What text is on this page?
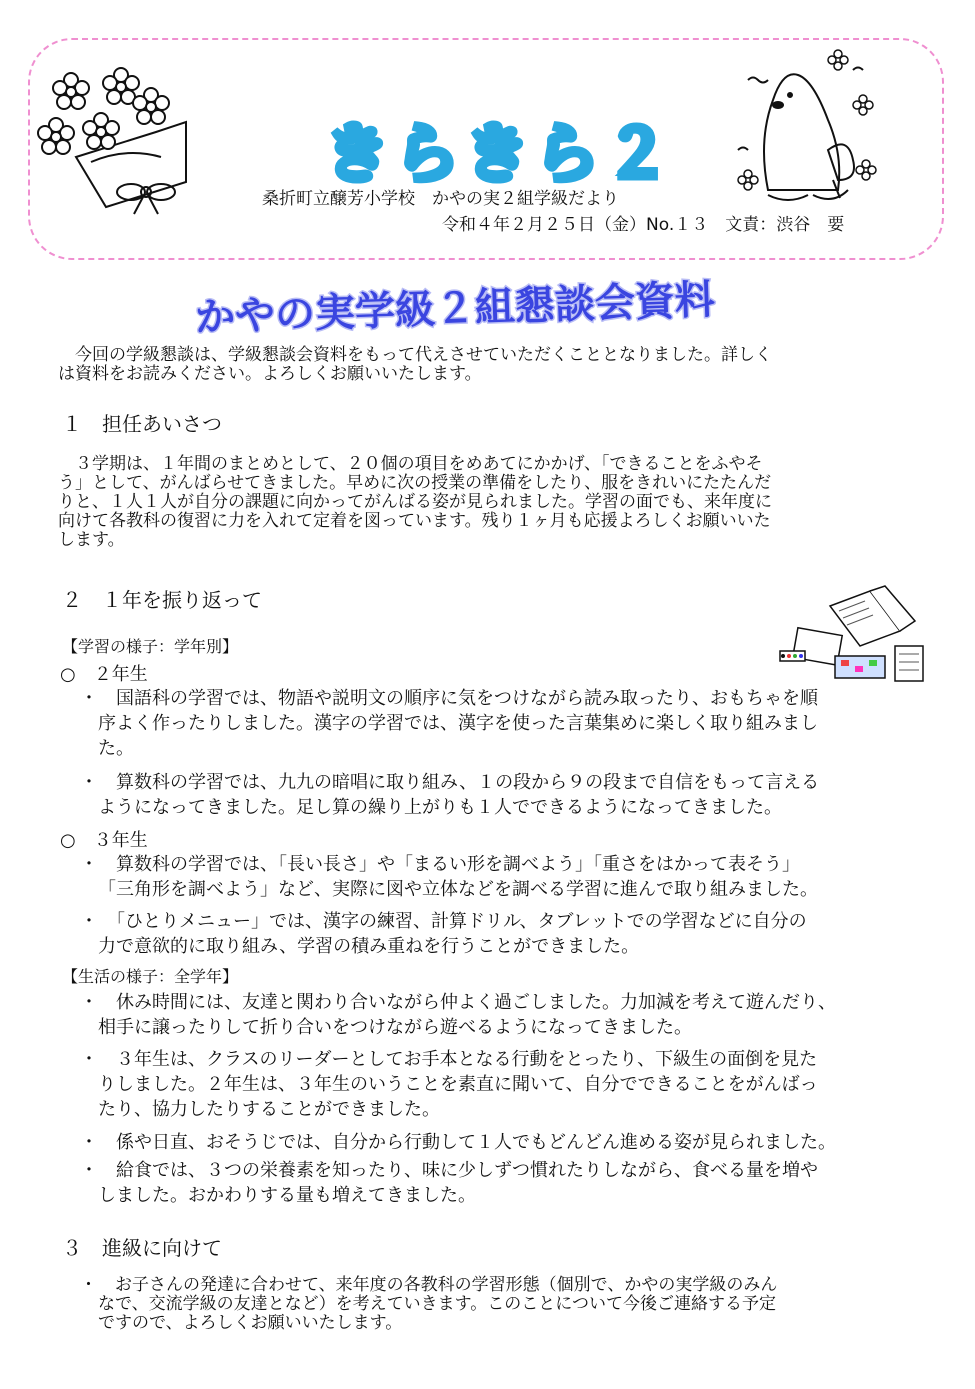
きらきら２
桑折町立醸芳小学校　かやの実２組学級だより
令和４年２月２５日（金）No.１３　文責：渋谷　要
かやの実学級２組懇談会資料
　今回の学級懇談は、学級懇談会資料をもって代えさせていただくこととなりました。詳しく
は資料をお読みください。よろしくお願いいたします。
１　担任あいさつ
　３学期は、１年間のまとめとして、２０個の項目をめあてにかかげ、「できることをふやそ
う」として、がんばらせてきました。早めに次の授業の準備をしたり、服をきれいにたたんだ
りと、１人１人が自分の課題に向かってがんばる姿が見られました。学習の面でも、来年度に
向けて各教科の復習に力を入れて定着を図っています。残り１ヶ月も応援よろしくお願いいた
します。
２　１年を振り返って
【学習の様子：学年別】
○　２年生
・ 　国語科の学習では、物語や説明文の順序に気をつけながら読み取ったり、おもちゃを順
序よく作ったりしました。漢字の学習では、漢字を使った言葉集めに楽しく取り組みまし
た。
・ 　算数科の学習では、九九の暗唱に取り組み、１の段から９の段まで自信をもって言える
ようになってきました。足し算の繰り上がりも１人でできるようになってきました。
○　３年生
・ 　算数科の学習では、「長い長さ」や「まるい形を調べよう」「重さをはかって表そう」
「三角形を調べよう」など、実際に図や立体などを調べる学習に進んで取り組みました。
・ 　「ひとりメニュー」では、漢字の練習、計算ドリル、タブレットでの学習などに自分の
力で意欲的に取り組み、学習の積み重ねを行うことができました。
【生活の様子：全学年】
・ 　休み時間には、友達と関わり合いながら仲よく過ごしました。力加減を考えて遊んだり、
相手に譲ったりして折り合いをつけながら遊べるようになってきました。
・ 　３年生は、クラスのリーダーとしてお手本となる行動をとったり、下級生の面倒を見た
りしました。２年生は、３年生のいうことを素直に聞いて、自分でできることをがんばっ
たり、協力したりすることができました。
・ 　係や日直、おそうじでは、自分から行動して１人でもどんどん進める姿が見られました。
・ 　給食では、３つの栄養素を知ったり、味に少しずつ慣れたりしながら、食べる量を増や
しました。おかわりする量も増えてきました。
３　進級に向けて
・ 　お子さんの発達に合わせて、来年度の各教科の学習形態（個別で、かやの実学級のみん
なで、交流学級の友達となど）を考えていきます。このことについて今後ご連絡する予定
ですので、よろしくお願いいたします。
